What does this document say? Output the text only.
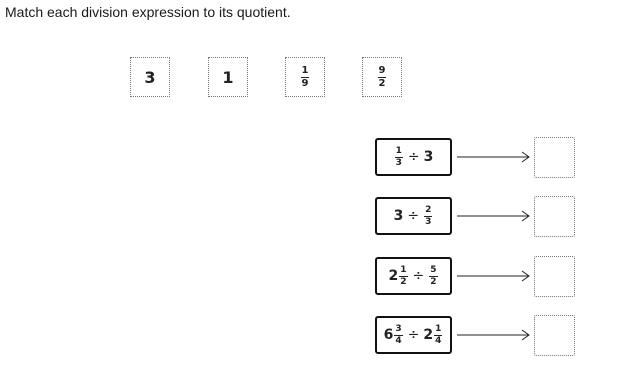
Match each division expression to its quotient.
3	1	$\frac{1}{9}$	$\frac{9}{2}$
$\frac{1}{3} \div 3$
$3 \div \frac{2}{3}$
$2 \frac{1}{2} \div \frac{5}{2}$
$6 \frac{3}{4} \div 2 \frac{1}{4}$
